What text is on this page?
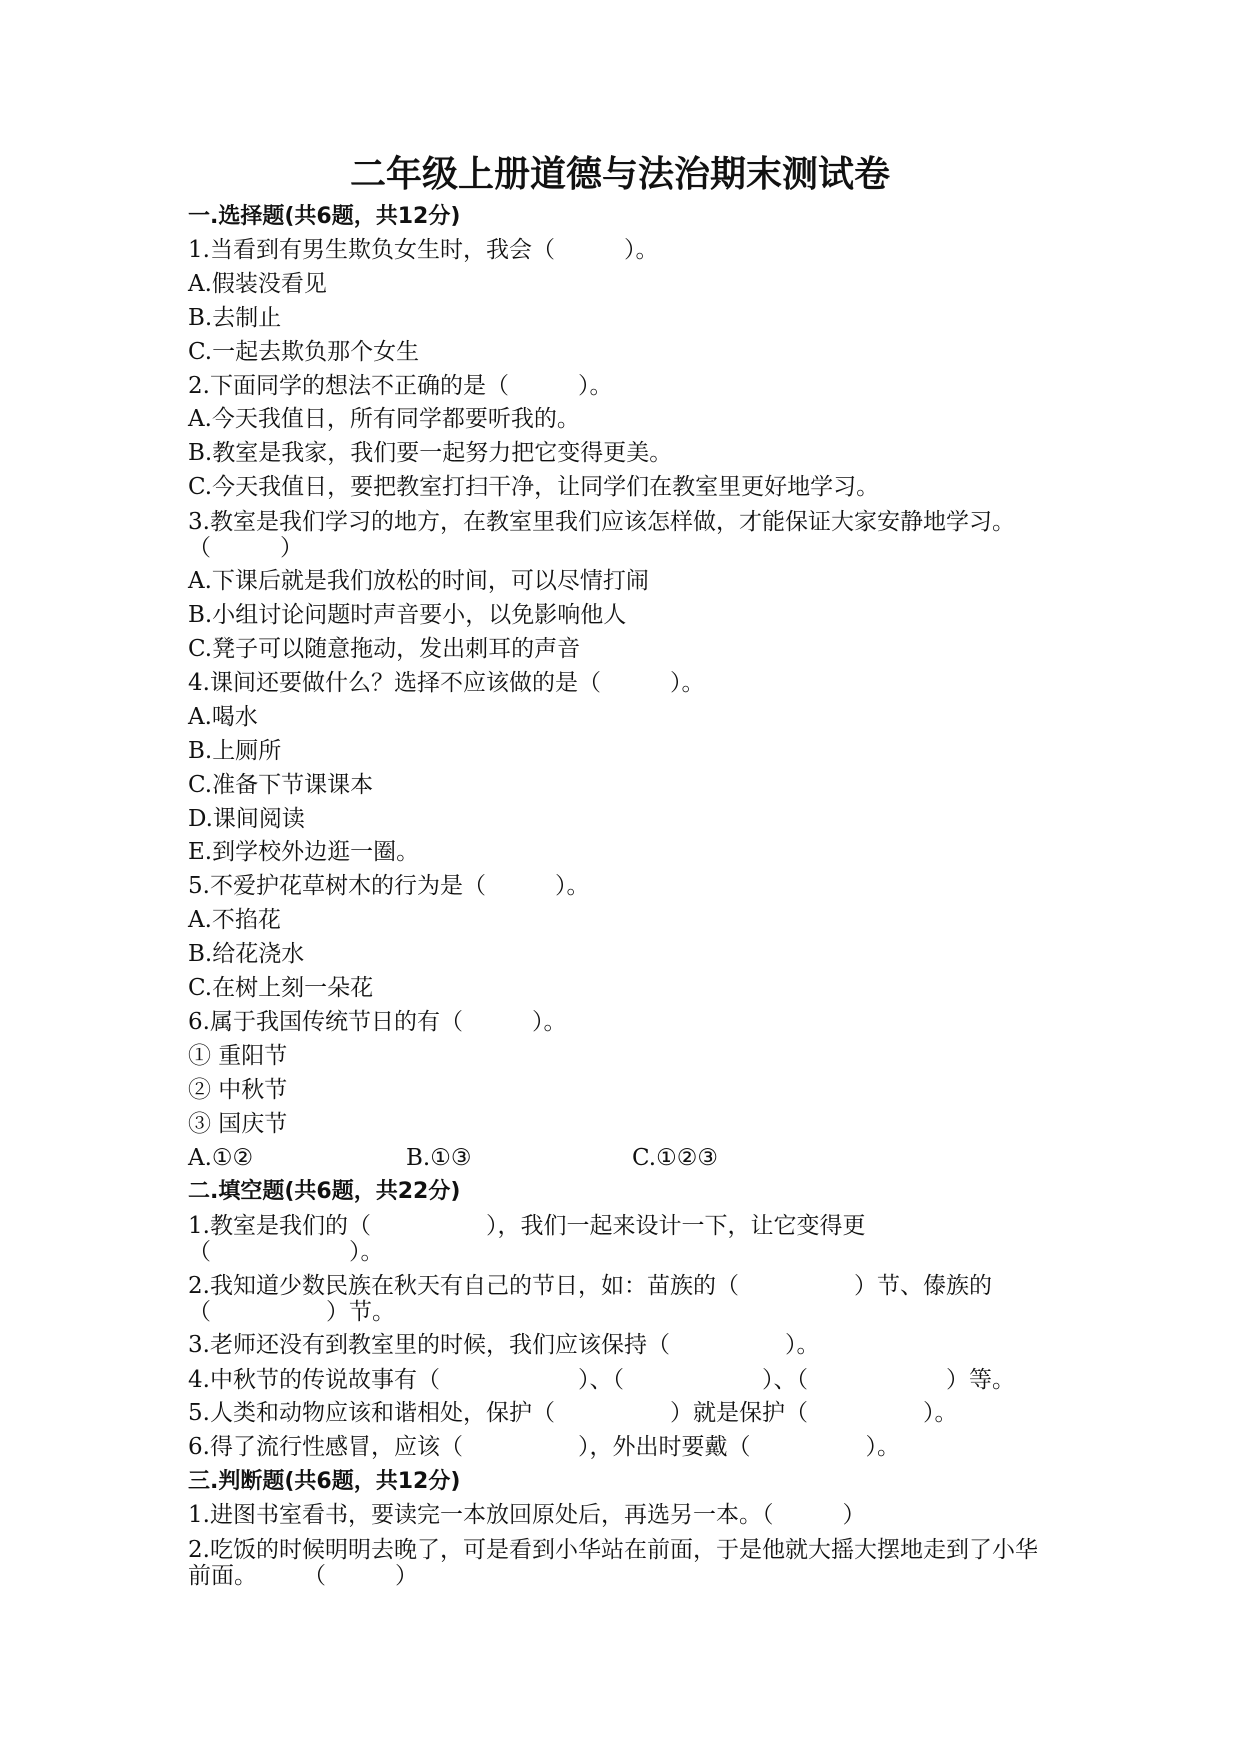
二年级上册道德与法治期末测试卷
一.选择题(共6题，共12分)
1.当看到有男生欺负女生时，我会（　　　）。
A.假装没看见
B.去制止
C.一起去欺负那个女生
2.下面同学的想法不正确的是（　　　）。
A.今天我值日，所有同学都要听我的。
B.教室是我家，我们要一起努力把它变得更美。
C.今天我值日，要把教室打扫干净，让同学们在教室里更好地学习。
3.教室是我们学习的地方，在教室里我们应该怎样做，才能保证大家安静地学习。（　　　）
A.下课后就是我们放松的时间，可以尽情打闹
B.小组讨论问题时声音要小，以免影响他人
C.凳子可以随意拖动，发出刺耳的声音
4.课间还要做什么？选择不应该做的是（　　　）。
A.喝水
B.上厕所
C.准备下节课课本
D.课间阅读
E.到学校外边逛一圈。
5.不爱护花草树木的行为是（　　　）。
A.不掐花
B.给花浇水
C.在树上刻一朵花
6.属于我国传统节日的有（　　　）。
① 重阳节
② 中秋节
③ 国庆节
A.①②	B.①③	C.①②③
二.填空题(共6题，共22分)
1.教室是我们的（　　　　　），我们一起来设计一下，让它变得更（　　　　　　）。
2.我知道少数民族在秋天有自己的节日，如：苗族的（　　　　　）节、傣族的（　　　　　）节。
3.老师还没有到教室里的时候，我们应该保持（　　　　　）。
4.中秋节的传说故事有（　　　　　　）、（　　　　　　）、（　　　　　　）等。
5.人类和动物应该和谐相处，保护（　　　　　）就是保护（　　　　　）。
6.得了流行性感冒，应该（　　　　　），外出时要戴（　　　　　）。
三.判断题(共6题，共12分)
1.进图书室看书，要读完一本放回原处后，再选另一本。（　　　）
2.吃饭的时候明明去晚了，可是看到小华站在前面，于是他就大摇大摆地走到了小华前面。　　　（　　　）
